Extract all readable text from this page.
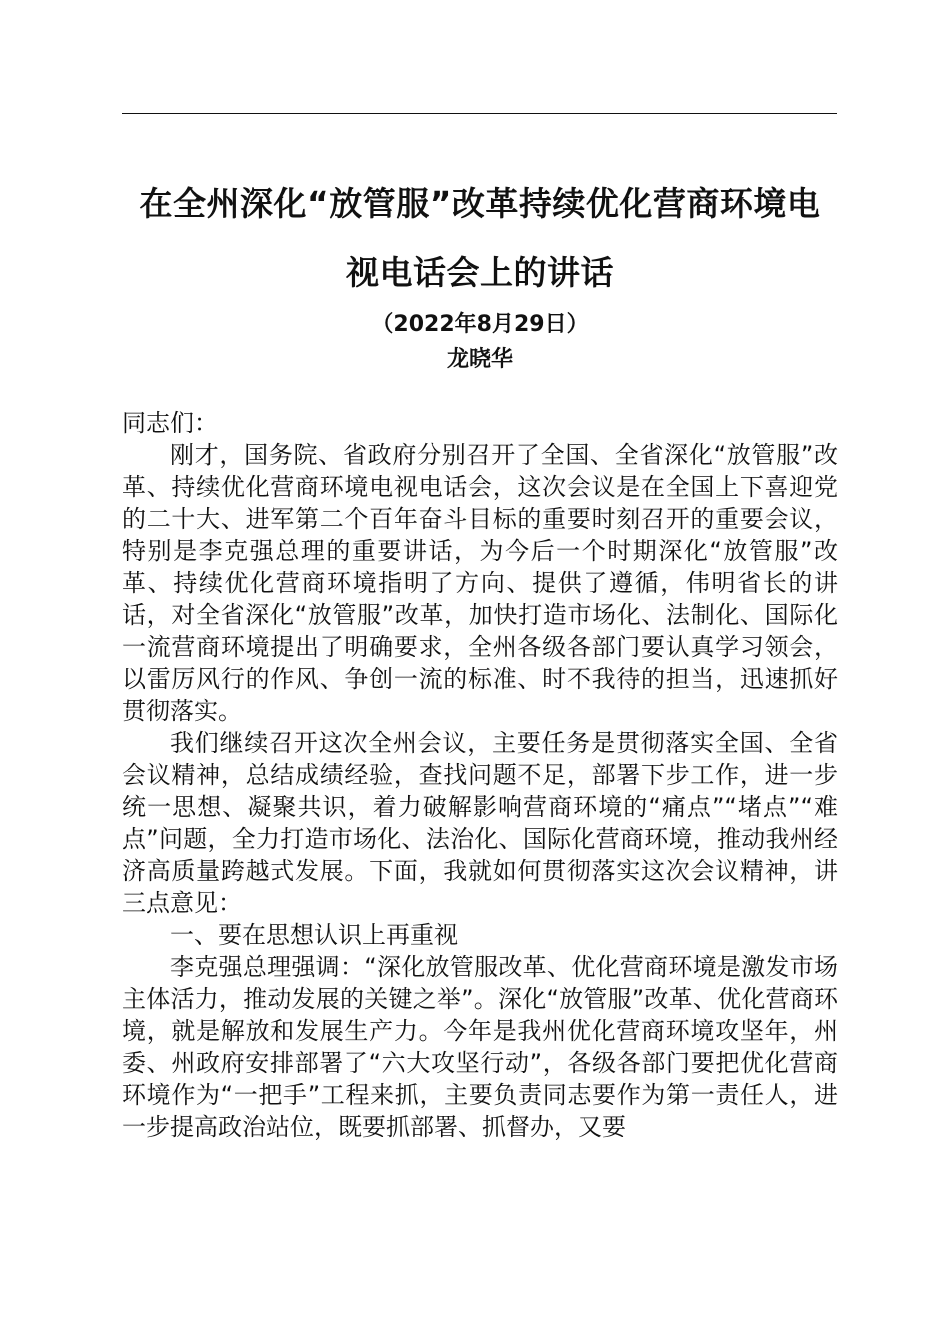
在全州深化“放管服”改革持续优化营商环境电
视电话会上的讲话
（2022年8月29日）
龙晓华

同志们：

刚才，国务院、省政府分别召开了全国、全省深化“放管服”改革、持续优化营商环境电视电话会，这次会议是在全国上下喜迎党的二十大、进军第二个百年奋斗目标的重要时刻召开的重要会议，特别是李克强总理的重要讲话，为今后一个时期深化“放管服”改革、持续优化营商环境指明了方向、提供了遵循，伟明省长的讲话，对全省深化“放管服”改革，加快打造市场化、法制化、国际化一流营商环境提出了明确要求，全州各级各部门要认真学习领会，以雷厉风行的作风、争创一流的标准、时不我待的担当，迅速抓好贯彻落实。

我们继续召开这次全州会议，主要任务是贯彻落实全国、全省会议精神，总结成绩经验，查找问题不足，部署下步工作，进一步统一思想、凝聚共识，着力破解影响营商环境的“痛点”“堵点”“难点”问题，全力打造市场化、法治化、国际化营商环境，推动我州经济高质量跨越式发展。下面，我就如何贯彻落实这次会议精神，讲三点意见：

一、要在思想认识上再重视

李克强总理强调：“深化放管服改革、优化营商环境是激发市场主体活力，推动发展的关键之举”。深化“放管服”改革、优化营商环境，就是解放和发展生产力。今年是我州优化营商环境攻坚年，州委、州政府安排部署了“六大攻坚行动”，各级各部门要把优化营商环境作为“一把手”工程来抓，主要负责同志要作为第一责任人，进一步提高政治站位，既要抓部署、抓督办，又要
